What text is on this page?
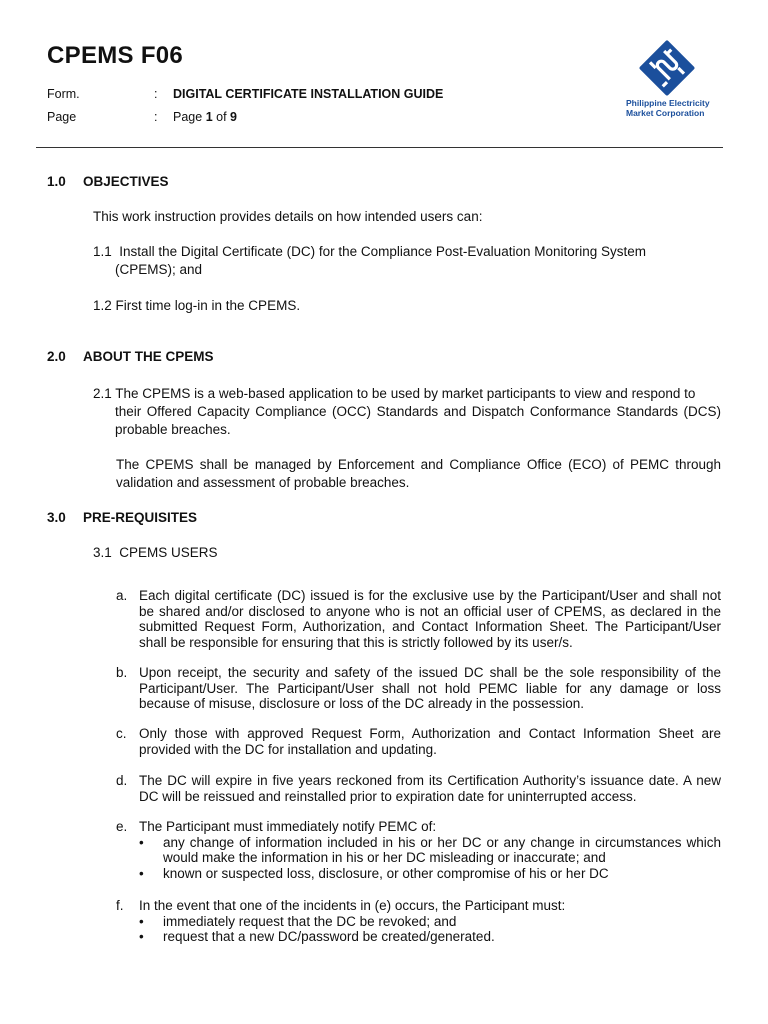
CPEMS F06
Form.	: DIGITAL CERTIFICATE INSTALLATION GUIDE
Page	: Page 1 of 9
Philippine Electricity
Market Corporation
1.0 OBJECTIVES
This work instruction provides details on how intended users can:
1.1 Install the Digital Certificate (DC) for the Compliance Post-Evaluation Monitoring System
(CPEMS); and
1.2 First time log-in in the CPEMS.
2.0 ABOUT THE CPEMS
2.1 The CPEMS is a web-based application to be used by market participants to view and respond to
their Offered Capacity Compliance (OCC) Standards and Dispatch Conformance Standards (DCS) probable breaches.
The CPEMS shall be managed by Enforcement and Compliance Office (ECO) of PEMC through validation and assessment of probable breaches.
3.0 PRE-REQUISITES
3.1  CPEMS USERS
a. Each digital certificate (DC) issued is for the exclusive use by the Participant/User and shall not be shared and/or disclosed to anyone who is not an official user of CPEMS, as declared in the submitted Request Form, Authorization, and Contact Information Sheet. The Participant/User shall be responsible for ensuring that this is strictly followed by its user/s.
b. Upon receipt, the security and safety of the issued DC shall be the sole responsibility of the Participant/User. The Participant/User shall not hold PEMC liable for any damage or loss because of misuse, disclosure or loss of the DC already in the possession.
c. Only those with approved Request Form, Authorization and Contact Information Sheet are provided with the DC for installation and updating.
d. The DC will expire in five years reckoned from its Certification Authority’s issuance date. A new DC will be reissued and reinstalled prior to expiration date for uninterrupted access.
e. The Participant must immediately notify PEMC of:
• any change of information included in his or her DC or any change in circumstances which would make the information in his or her DC misleading or inaccurate; and
• known or suspected loss, disclosure, or other compromise of his or her DC
f. In the event that one of the incidents in (e) occurs, the Participant must:
• immediately request that the DC be revoked; and
• request that a new DC/password be created/generated.
